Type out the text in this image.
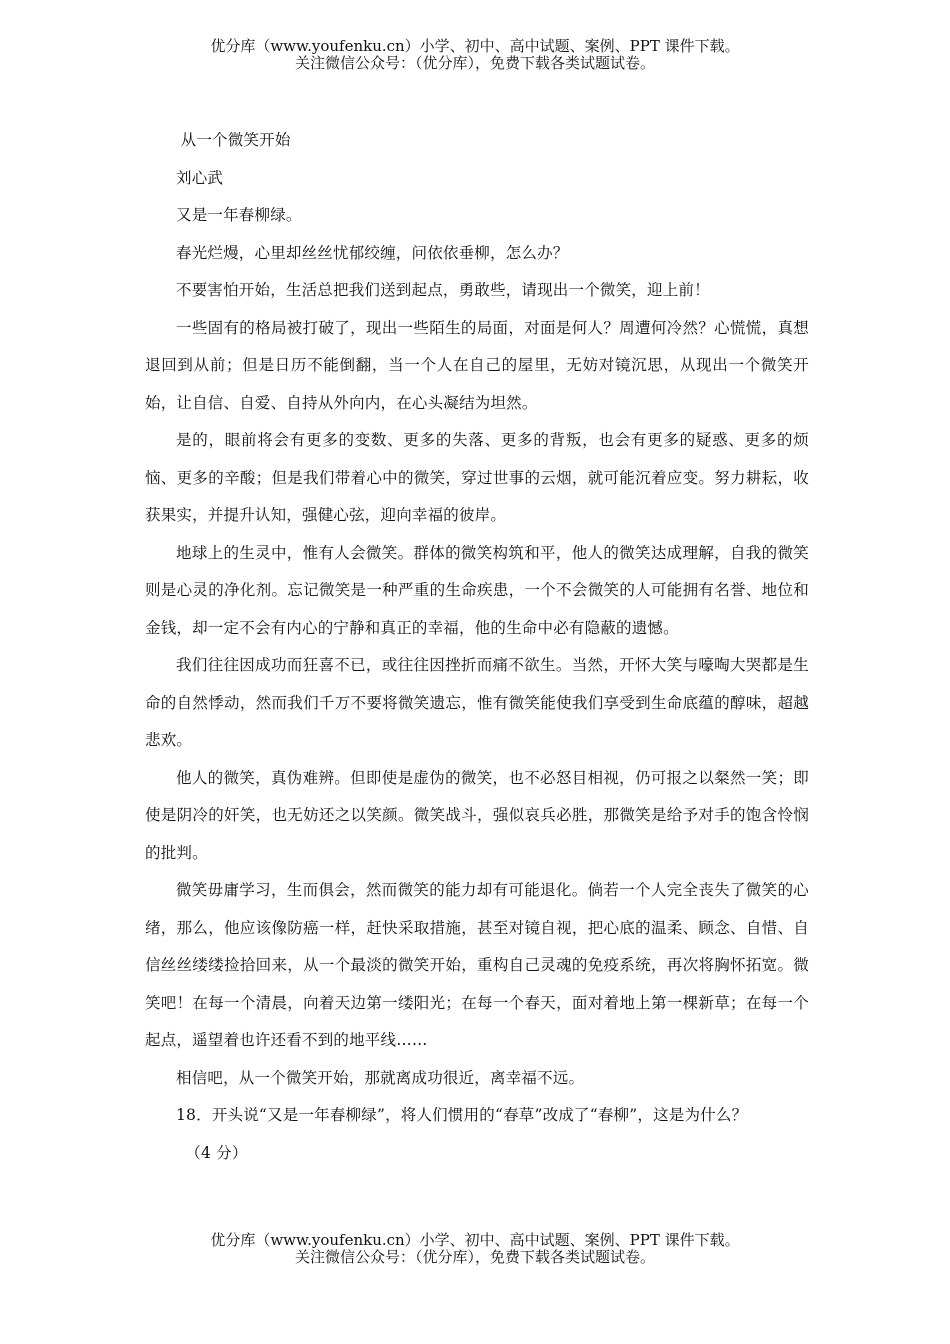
优分库（www.youfenku.cn）小学、初中、高中试题、案例、PPT 课件下载。
关注微信公众号：（优分库），免费下载各类试题试卷。

从一个微笑开始

刘心武

又是一年春柳绿。

春光烂熳，心里却丝丝忧郁绞缠，问依依垂柳，怎么办？

不要害怕开始，生活总把我们送到起点，勇敢些，请现出一个微笑，迎上前！

一些固有的格局被打破了，现出一些陌生的局面，对面是何人？周遭何冷然？心慌慌，真想退回到从前；但是日历不能倒翻，当一个人在自己的屋里，无妨对镜沉思，从现出一个微笑开始，让自信、自爱、自持从外向内，在心头凝结为坦然。

是的，眼前将会有更多的变数、更多的失落、更多的背叛，也会有更多的疑惑、更多的烦恼、更多的辛酸；但是我们带着心中的微笑，穿过世事的云烟，就可能沉着应变。努力耕耘，收获果实，并提升认知，强健心弦，迎向幸福的彼岸。

地球上的生灵中，惟有人会微笑。群体的微笑构筑和平，他人的微笑达成理解，自我的微笑则是心灵的净化剂。忘记微笑是一种严重的生命疾患，一个不会微笑的人可能拥有名誉、地位和金钱，却一定不会有内心的宁静和真正的幸福，他的生命中必有隐蔽的遗憾。

我们往往因成功而狂喜不已，或往往因挫折而痛不欲生。当然，开怀大笑与嚎啕大哭都是生命的自然悸动，然而我们千万不要将微笑遗忘，惟有微笑能使我们享受到生命底蕴的醇味，超越悲欢。

他人的微笑，真伪难辨。但即使是虚伪的微笑，也不必怒目相视，仍可报之以粲然一笑；即使是阴冷的奸笑，也无妨还之以笑颜。微笑战斗，强似哀兵必胜，那微笑是给予对手的饱含怜悯的批判。

微笑毋庸学习，生而俱会，然而微笑的能力却有可能退化。倘若一个人完全丧失了微笑的心绪，那么，他应该像防癌一样，赶快采取措施，甚至对镜自视，把心底的温柔、顾念、自惜、自信丝丝缕缕捡拾回来，从一个最淡的微笑开始，重构自己灵魂的免疫系统，再次将胸怀拓宽。微笑吧！在每一个清晨，向着天边第一缕阳光；在每一个春天，面对着地上第一棵新草；在每一个起点，遥望着也许还看不到的地平线……

相信吧，从一个微笑开始，那就离成功很近，离幸福不远。

18．开头说“又是一年春柳绿”，将人们惯用的“春草”改成了“春柳”，这是为什么？

（4 分）

优分库（www.youfenku.cn）小学、初中、高中试题、案例、PPT 课件下载。
关注微信公众号：（优分库），免费下载各类试题试卷。
